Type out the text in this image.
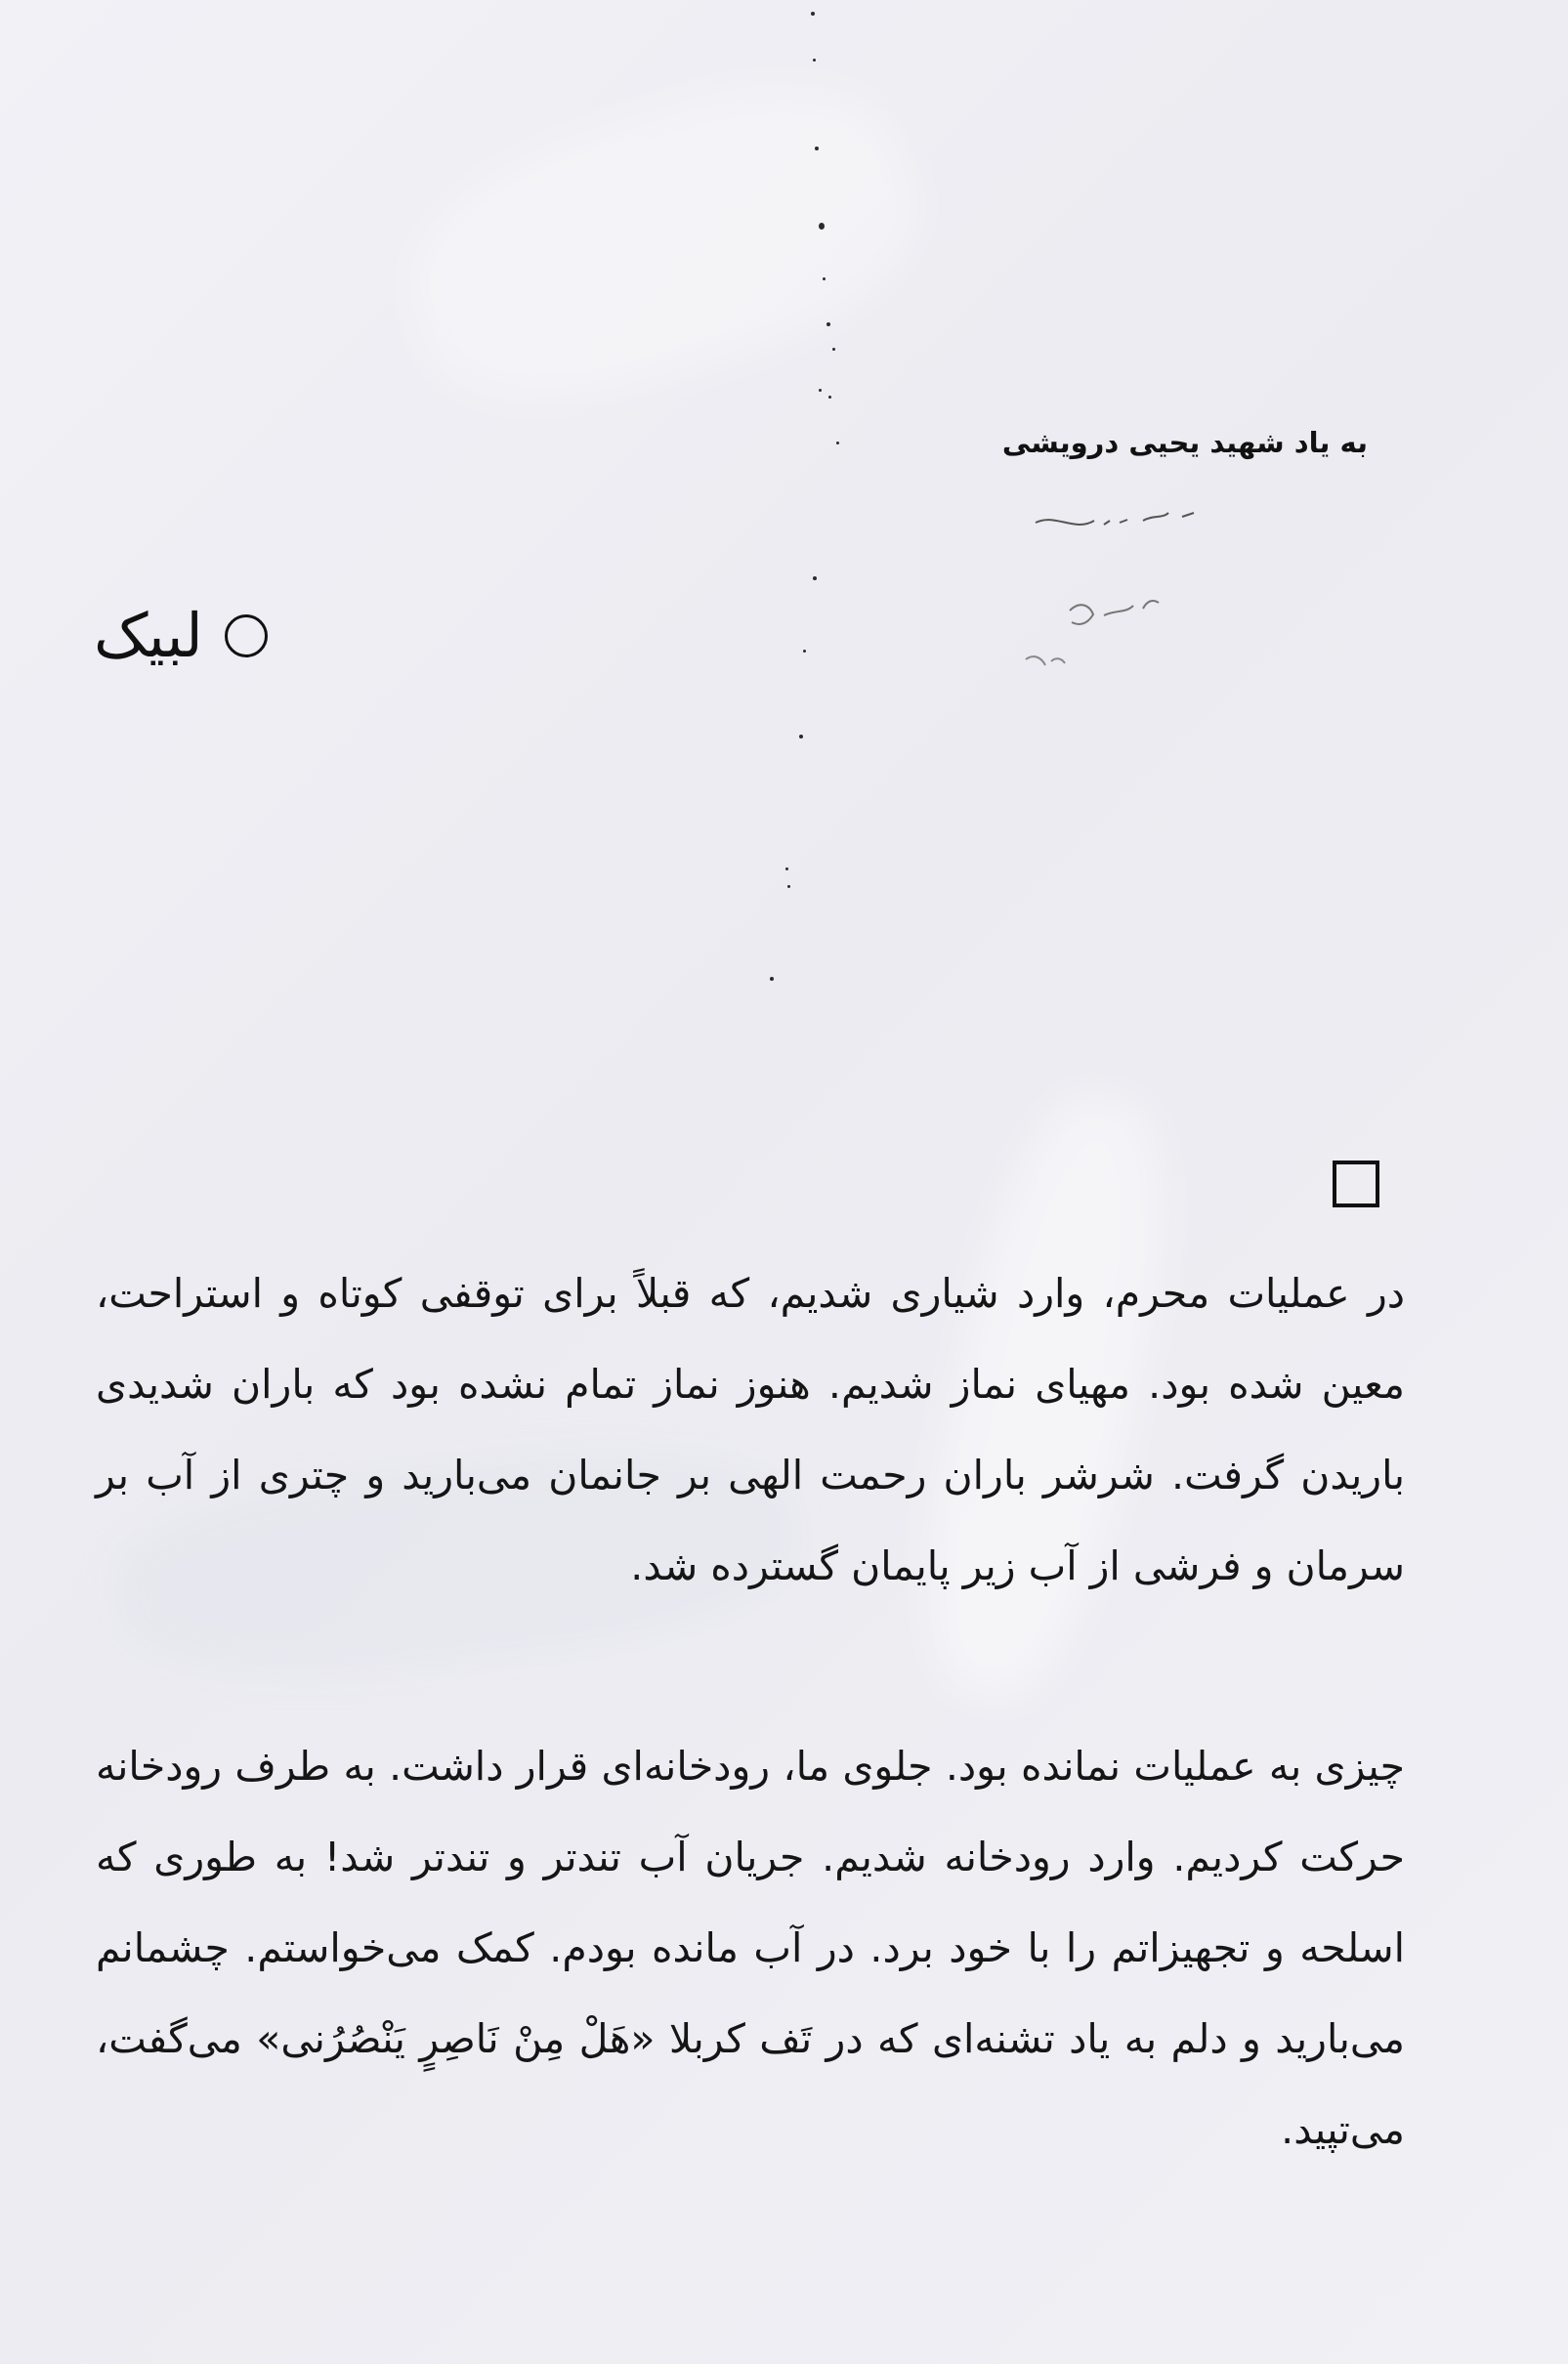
به یاد شهید یحیی درویشی
لبیک

در عملیات محرم، وارد شیاری شدیم، که قبلاً برای توقفی کوتاه و استراحت، معین شده بود. مهیای نماز شدیم. هنوز نماز تمام نشده بود که باران شدیدی باریدن گرفت. شرشر باران رحمت الهی بر جانمان می‌بارید و چتری از آب بر سرمان و فرشی از آب زیر پایمان گسترده شد.

چیزی به عملیات نمانده بود. جلوی ما، رودخانه‌ای قرار داشت. به طرف رودخانه حرکت کردیم. وارد رودخانه شدیم. جریان آب تندتر و تندتر شد! به طوری که اسلحه و تجهیزاتم را با خود برد. در آب مانده بودم. کمک می‌خواستم. چشمانم می‌بارید و دلم به یاد تشنه‌ای که در تَف کربلا «هَلْ مِنْ نَاصِرٍ یَنْصُرُنی» می‌گفت، می‌تپید.
